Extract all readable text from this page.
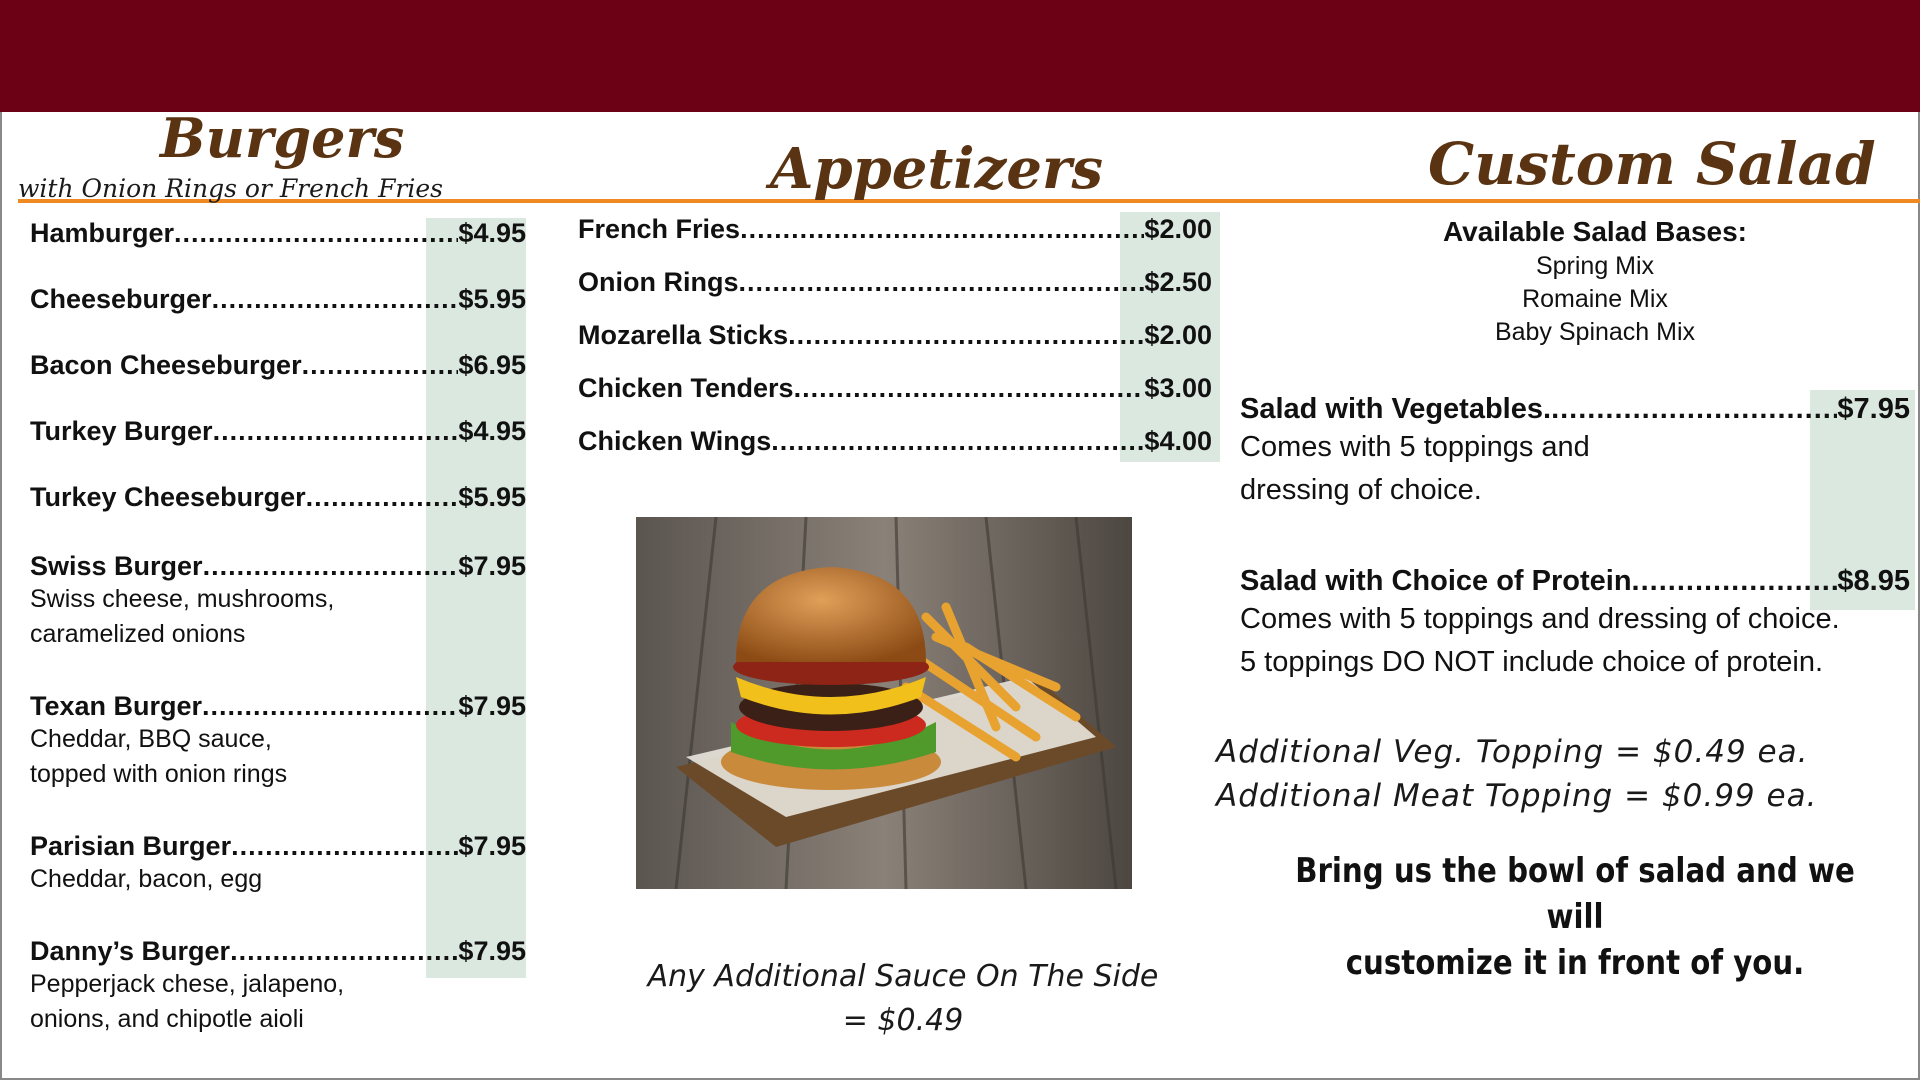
Burgers
with Onion Rings or French Fries
Hamburger .....	$4.95
Cheeseburger .....	$5.95
Bacon Cheeseburger .....	$6.95
Turkey Burger .....	$4.95
Turkey Cheeseburger .....	$5.95
Swiss Burger .....	$7.95
Swiss cheese, mushrooms,
caramelized onions
Texan Burger .....	$7.95
Cheddar, BBQ sauce,
topped with onion rings
Parisian Burger .....	$7.95
Cheddar, bacon, egg
Danny’s Burger .....	$7.95
Pepperjack chese, jalapeno,
onions, and chipotle aioli
Appetizers
French Fries .....	$2.00
Onion Rings .....	$2.50
Mozarella Sticks .....	.$2.00
Chicken Tenders .....	$3.00
Chicken Wings .....	$4.00
Any Additional Sauce On The Side
= $0.49
Custom Salad
Available Salad Bases:
Spring Mix
Romaine Mix
Baby Spinach Mix
Salad with Vegetables. .....	$7.95
Comes with 5 toppings and
dressing of choice.
Salad with Choice of Protein .....	$8.95
Comes with 5 toppings and dressing of choice.
5 toppings DO NOT include choice of protein.
Additional Veg. Topping = $0.49 ea.
Additional Meat Topping = $0.99 ea.
Bring us the bowl of salad and we will
customize it in front of you.
